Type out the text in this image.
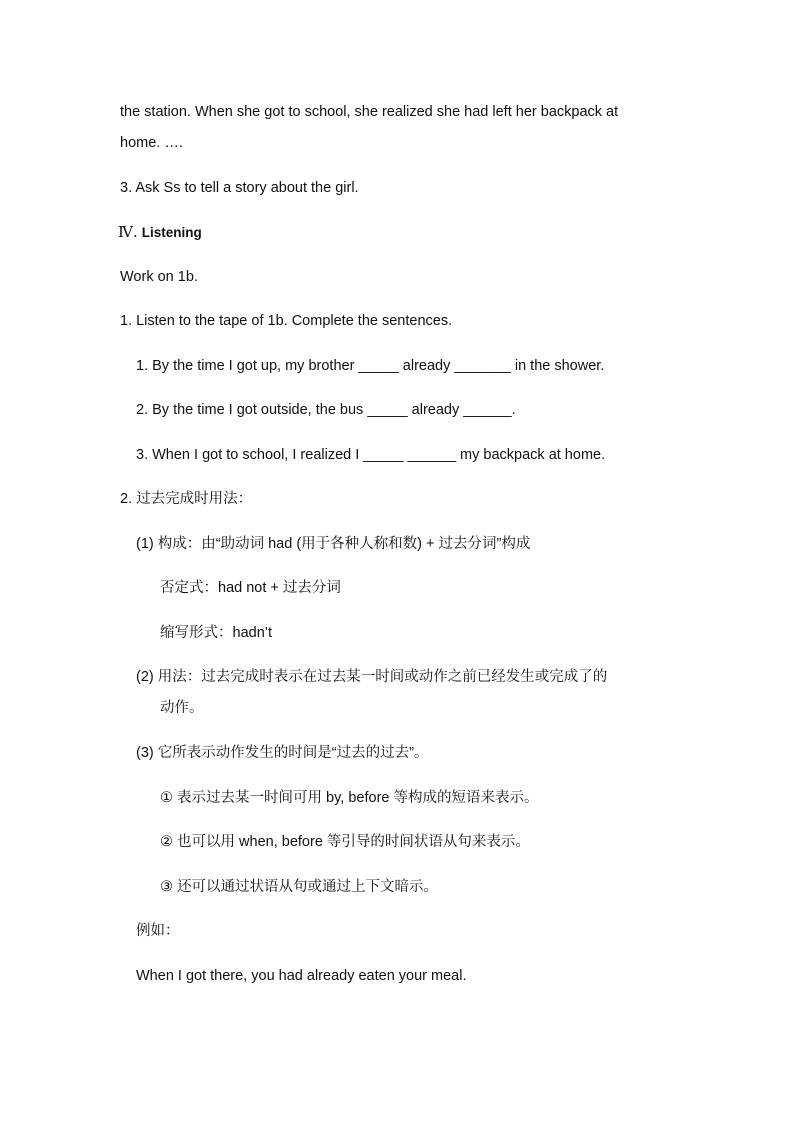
the station. When she got to school, she realized she had left her backpack at
home. ….
3. Ask Ss to tell a story about the girl.
Ⅳ. Listening
Work on 1b.
1. Listen to the tape of 1b. Complete the sentences.
1. By the time I got up, my brother _____ already _______ in the shower.
2. By the time I got outside, the bus _____ already ______.
3. When I got to school, I realized I _____ ______ my backpack at home.
2. 过去完成时用法：
(1) 构成：由“助动词 had (用于各种人称和数) + 过去分词”构成
否定式：had not + 过去分词
缩写形式：hadn’t
(2) 用法：过去完成时表示在过去某一时间或动作之前已经发生或完成了的
动作。
(3) 它所表示动作发生的时间是“过去的过去”。
① 表示过去某一时间可用 by, before 等构成的短语来表示。
② 也可以用 when, before 等引导的时间状语从句来表示。
③ 还可以通过状语从句或通过上下文暗示。
例如：
When I got there, you had already eaten your meal.
